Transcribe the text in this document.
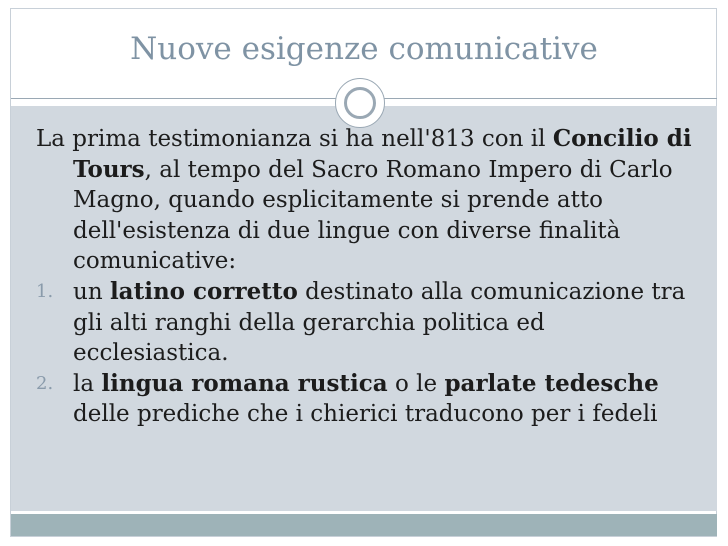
Nuove esigenze comunicative

La prima testimonianza si ha nell'813 con il Concilio di Tours, al tempo del Sacro Romano Impero di Carlo Magno, quando esplicitamente si prende atto dell'esistenza di due lingue con diverse finalità comunicative:

1. un latino corretto destinato alla comunicazione tra gli alti ranghi della gerarchia politica ed ecclesiastica.
2. la lingua romana rustica o le parlate tedesche delle prediche che i chierici traducono per i fedeli
